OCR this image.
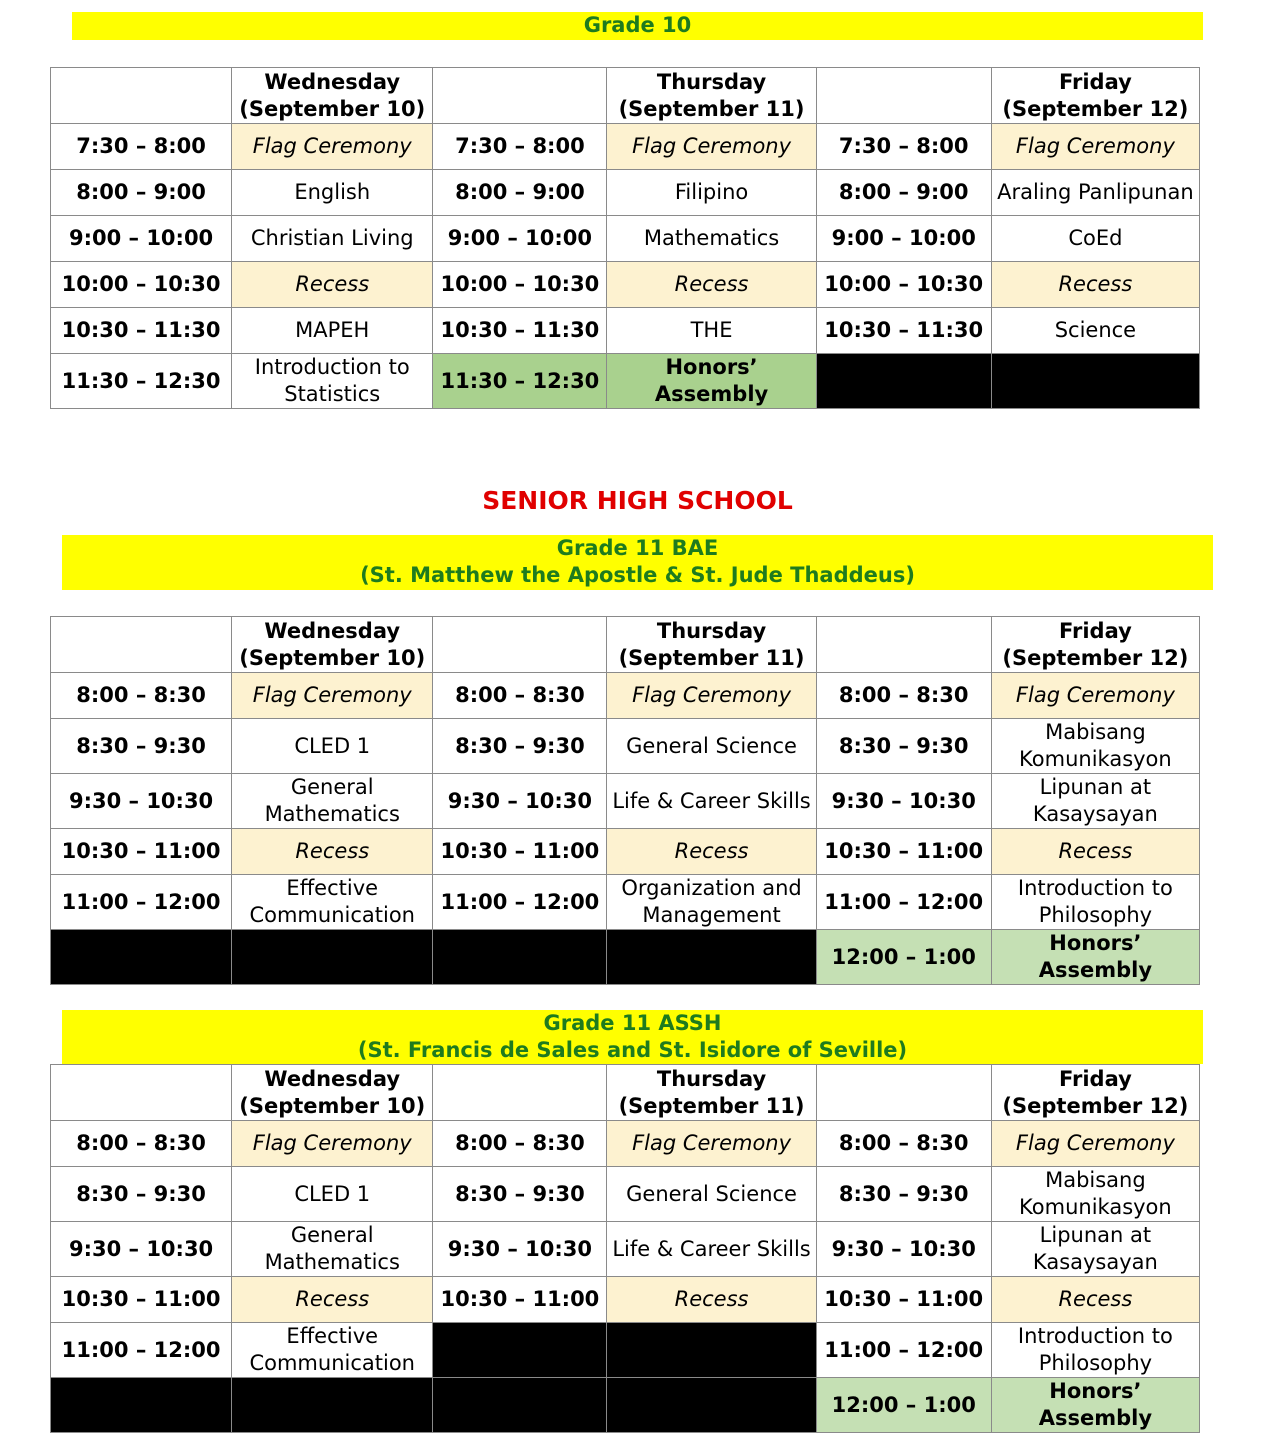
Grade 10
	Wednesday
(September 10)		Thursday
(September 11)		Friday
(September 12)
7:30 – 8:00	Flag Ceremony	7:30 – 8:00	Flag Ceremony	7:30 – 8:00	Flag Ceremony
8:00 – 9:00	English	8:00 – 9:00	Filipino	8:00 – 9:00	Araling Panlipunan
9:00 – 10:00	Christian Living	9:00 – 10:00	Mathematics	9:00 – 10:00	CoEd
10:00 – 10:30	Recess	10:00 – 10:30	Recess	10:00 – 10:30	Recess
10:30 – 11:30	MAPEH	10:30 – 11:30	THE	10:30 – 11:30	Science
11:30 – 12:30	Introduction to
Statistics	11:30 – 12:30	Honors’ Assembly		
SENIOR HIGH SCHOOL
Grade 11 BAE
(St. Matthew the Apostle & St. Jude Thaddeus)
	Wednesday
(September 10)		Thursday
(September 11)		Friday
(September 12)
8:00 – 8:30	Flag Ceremony	8:00 – 8:30	Flag Ceremony	8:00 – 8:30	Flag Ceremony
8:30 – 9:30	CLED 1	8:30 – 9:30	General Science	8:30 – 9:30	Mabisang
Komunikasyon
9:30 – 10:30	General
Mathematics	9:30 – 10:30	Life & Career Skills	9:30 – 10:30	Lipunan at
Kasaysayan
10:30 – 11:00	Recess	10:30 – 11:00	Recess	10:30 – 11:00	Recess
11:00 – 12:00	Effective
Communication	11:00 – 12:00	Organization and
Management	11:00 – 12:00	Introduction to
Philosophy
				12:00 – 1:00	Honors’ Assembly
Grade 11 ASSH
(St. Francis de Sales and St. Isidore of Seville)
	Wednesday
(September 10)		Thursday
(September 11)		Friday
(September 12)
8:00 – 8:30	Flag Ceremony	8:00 – 8:30	Flag Ceremony	8:00 – 8:30	Flag Ceremony
8:30 – 9:30	CLED 1	8:30 – 9:30	General Science	8:30 – 9:30	Mabisang
Komunikasyon
9:30 – 10:30	General
Mathematics	9:30 – 10:30	Life & Career Skills	9:30 – 10:30	Lipunan at
Kasaysayan
10:30 – 11:00	Recess	10:30 – 11:00	Recess	10:30 – 11:00	Recess
11:00 – 12:00	Effective
Communication			11:00 – 12:00	Introduction to
Philosophy
				12:00 – 1:00	Honors’ Assembly
